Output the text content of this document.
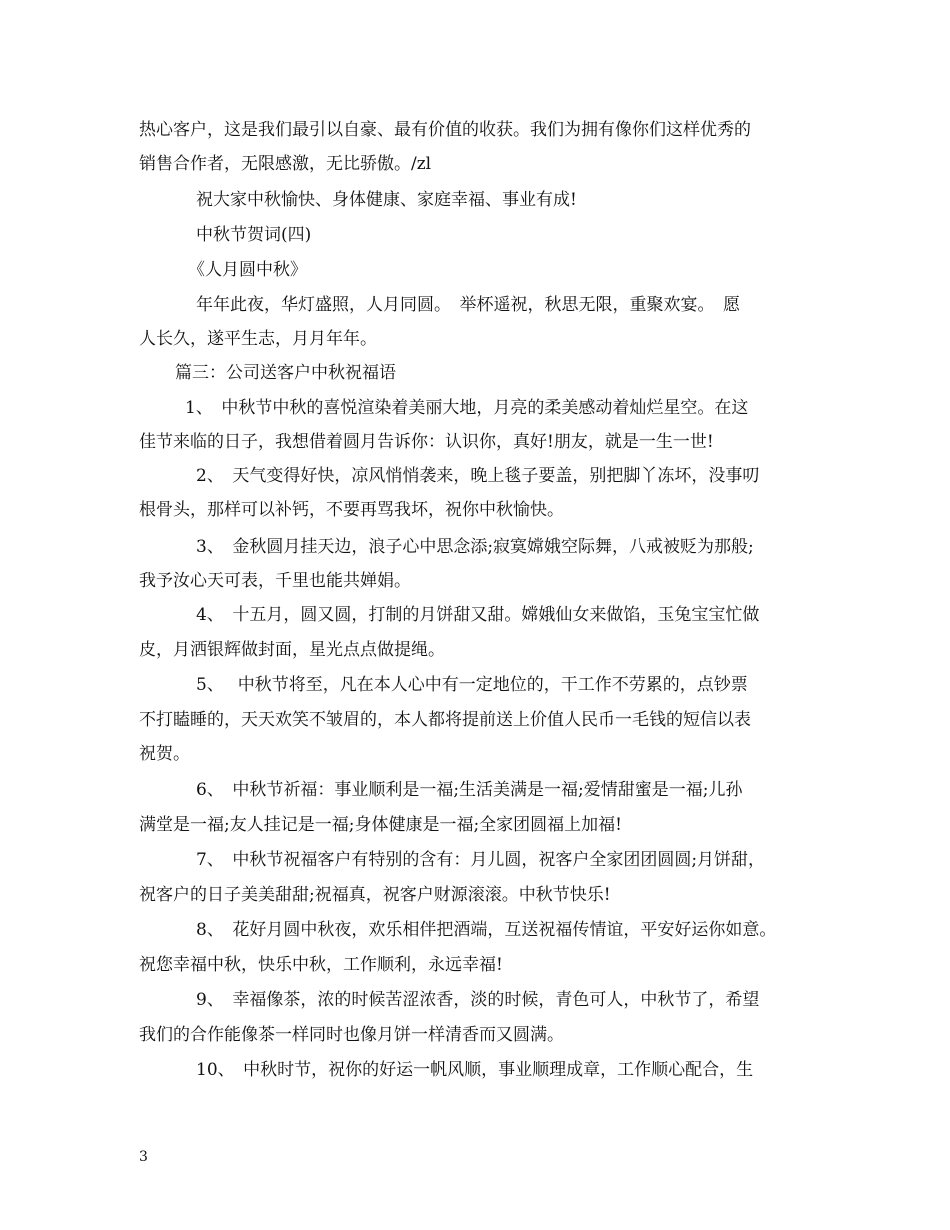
热心客户，这是我们最引以自豪、最有价值的收获。我们为拥有像你们这样优秀的
销售合作者，无限感激，无比骄傲。/zl
祝大家中秋愉快、身体健康、家庭幸福、事业有成!
中秋节贺词(四)
《人月圆中秋》
年年此夜，华灯盛照，人月同圆。　举杯遥祝，秋思无限，重聚欢宴。　愿
人长久，遂平生志，月月年年。
篇三：公司送客户中秋祝福语
1、　中秋节中秋的喜悦渲染着美丽大地，月亮的柔美感动着灿烂星空。在这
佳节来临的日子，我想借着圆月告诉你：认识你，真好!朋友，就是一生一世!
2、　天气变得好快，凉风悄悄袭来，晚上毯子要盖，别把脚丫冻坏，没事叨
根骨头，那样可以补钙，不要再骂我坏，祝你中秋愉快。
3、　金秋圆月挂天边，浪子心中思念添;寂寞嫦娥空际舞，八戒被贬为那般;
我予汝心天可表，千里也能共婵娟。
4、　十五月，圆又圆，打制的月饼甜又甜。嫦娥仙女来做馅，玉兔宝宝忙做
皮，月洒银辉做封面，星光点点做提绳。
5、　 中秋节将至，凡在本人心中有一定地位的，干工作不劳累的，点钞票
不打瞌睡的，天天欢笑不皱眉的，本人都将提前送上价值人民币一毛钱的短信以表
祝贺。
6、　中秋节祈福：事业顺利是一福;生活美满是一福;爱情甜蜜是一福;儿孙
满堂是一福;友人挂记是一福;身体健康是一福;全家团圆福上加福!
7、　中秋节祝福客户有特别的含有：月儿圆，祝客户全家团团圆圆;月饼甜，
祝客户的日子美美甜甜;祝福真，祝客户财源滚滚。中秋节快乐!
8、　花好月圆中秋夜，欢乐相伴把酒端，互送祝福传情谊，平安好运你如意。
祝您幸福中秋，快乐中秋，工作顺利，永远幸福!
9、　幸福像茶，浓的时候苦涩浓香，淡的时候，青色可人，中秋节了，希望
我们的合作能像茶一样同时也像月饼一样清香而又圆满。
10、　中秋时节，祝你的好运一帆风顺，事业顺理成章，工作顺心配合，生
3
